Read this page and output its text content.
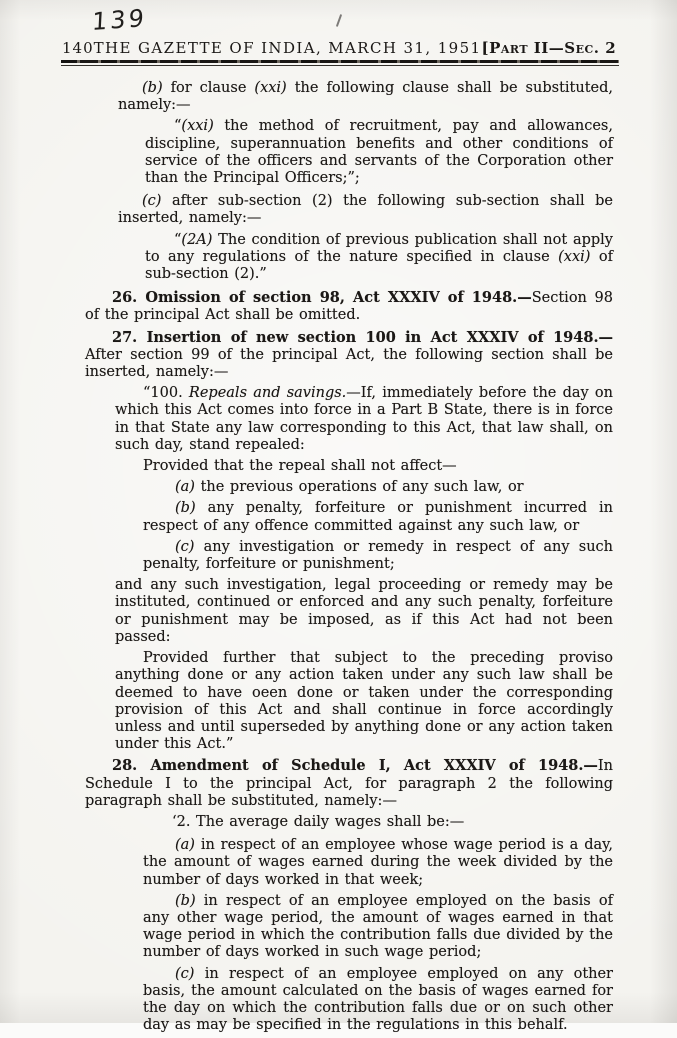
139
140 THE GAZETTE OF INDIA, MARCH 31, 1951 [Part II—Sec. 2

(b) for clause (xxi) the following clause shall be substituted, namely:—

“(xxi) the method of recruitment, pay and allowances, discipline, superannuation benefits and other conditions of service of the officers and servants of the Corporation other than the Principal Officers;”;

(c) after sub-section (2) the following sub-section shall be inserted, namely:—

“(2A) The condition of previous publication shall not apply to any regulations of the nature specified in clause (xxi) of sub-section (2).”

26. Omission of section 98, Act XXXIV of 1948.—Section 98 of the principal Act shall be omitted.

27. Insertion of new section 100 in Act XXXIV of 1948.—After section 99 of the principal Act, the following section shall be inserted, namely:—

“100. Repeals and savings.—If, immediately before the day on which this Act comes into force in a Part B State, there is in force in that State any law corresponding to this Act, that law shall, on such day, stand repealed:

Provided that the repeal shall not affect—

(a) the previous operations of any such law, or

(b) any penalty, forfeiture or punishment incurred in respect of any offence committed against any such law, or

(c) any investigation or remedy in respect of any such penalty, forfeiture or punishment;

and any such investigation, legal proceeding or remedy may be instituted, continued or enforced and any such penalty, forfeiture or punishment may be imposed, as if this Act had not been passed:

Provided further that subject to the preceding proviso anything done or any action taken under any such law shall be deemed to have oeen done or taken under the corresponding provision of this Act and shall continue in force accordingly unless and until superseded by anything done or any action taken under this Act.”

28. Amendment of Schedule I, Act XXXIV of 1948.—In Schedule I to the principal Act, for paragraph 2 the following paragraph shall be substituted, namely:—

‘2. The average daily wages shall be:—

(a) in respect of an employee whose wage period is a day, the amount of wages earned during the week divided by the number of days worked in that week;

(b) in respect of an employee employed on the basis of any other wage period, the amount of wages earned in that wage period in which the contribution falls due divided by the number of days worked in such wage period;

(c) in respect of an employee employed on any other basis, the amount calculated on the basis of wages earned for the day on which the contribution falls due or on such other day as may be specified in the regulations in this behalf.
